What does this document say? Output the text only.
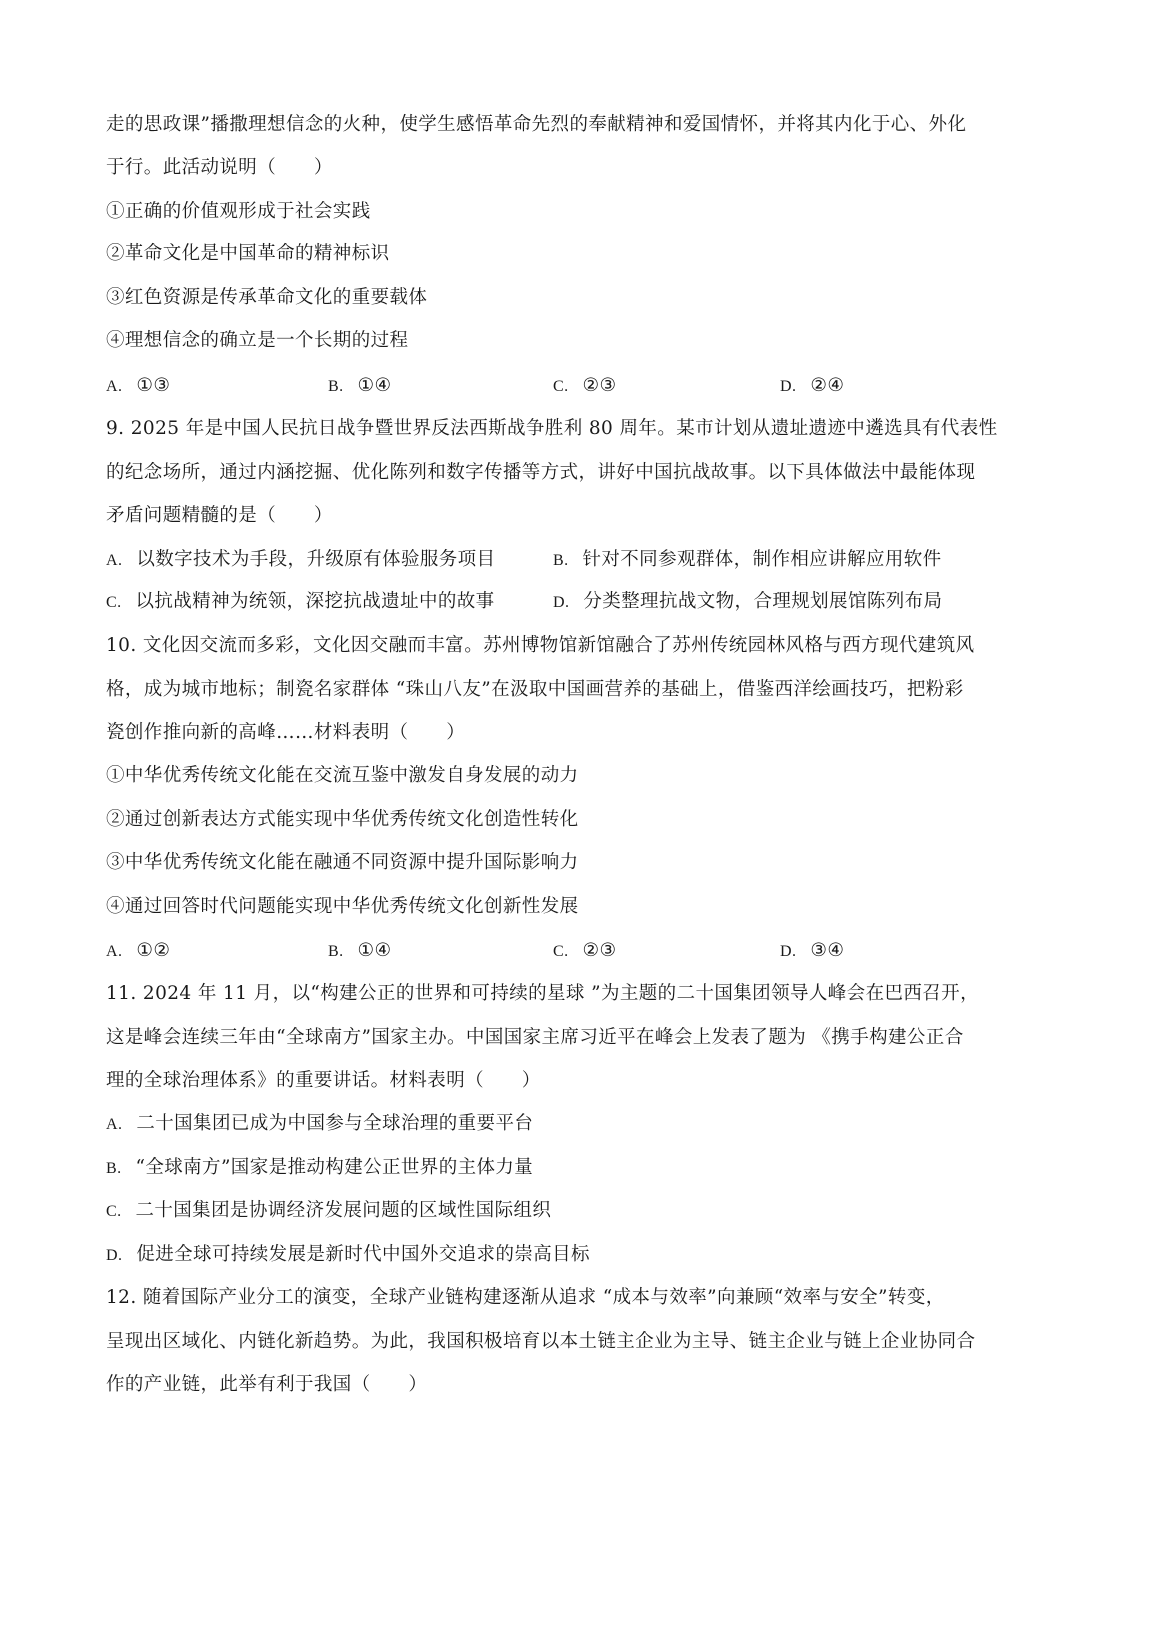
走的思政课”播撒理想信念的火种，使学生感悟革命先烈的奉献精神和爱国情怀，并将其内化于心、外化
于行。此活动说明（　　）
①正确的价值观形成于社会实践
②革命文化是中国革命的精神标识
③红色资源是传承革命文化的重要载体
④理想信念的确立是一个长期的过程
A. ①③	B. ①④	C. ②③	D. ②④
9. 2025 年是中国人民抗日战争暨世界反法西斯战争胜利 80 周年。某市计划从遗址遗迹中遴选具有代表性
的纪念场所，通过内涵挖掘、优化陈列和数字传播等方式，讲好中国抗战故事。以下具体做法中最能体现
矛盾问题精髓的是（　　）
A. 以数字技术为手段，升级原有体验服务项目	B. 针对不同参观群体，制作相应讲解应用软件
C. 以抗战精神为统领，深挖抗战遗址中的故事	D. 分类整理抗战文物，合理规划展馆陈列布局
10. 文化因交流而多彩，文化因交融而丰富。苏州博物馆新馆融合了苏州传统园林风格与西方现代建筑风
格，成为城市地标；制瓷名家群体 “珠山八友”在汲取中国画营养的基础上，借鉴西洋绘画技巧，把粉彩
瓷创作推向新的高峰……材料表明（　　）
①中华优秀传统文化能在交流互鉴中激发自身发展的动力
②通过创新表达方式能实现中华优秀传统文化创造性转化
③中华优秀传统文化能在融通不同资源中提升国际影响力
④通过回答时代问题能实现中华优秀传统文化创新性发展
A. ①②	B. ①④	C. ②③	D. ③④
11. 2024 年 11 月，以“构建公正的世界和可持续的星球 ”为主题的二十国集团领导人峰会在巴西召开，
这是峰会连续三年由“全球南方”国家主办。中国国家主席习近平在峰会上发表了题为 《携手构建公正合
理的全球治理体系》的重要讲话。材料表明（　　）
A. 二十国集团已成为中国参与全球治理的重要平台
B. “全球南方”国家是推动构建公正世界的主体力量
C. 二十国集团是协调经济发展问题的区域性国际组织
D. 促进全球可持续发展是新时代中国外交追求的崇高目标
12. 随着国际产业分工的演变，全球产业链构建逐渐从追求 “成本与效率”向兼顾“效率与安全”转变，
呈现出区域化、内链化新趋势。为此，我国积极培育以本土链主企业为主导、链主企业与链上企业协同合
作的产业链，此举有利于我国（　　）
